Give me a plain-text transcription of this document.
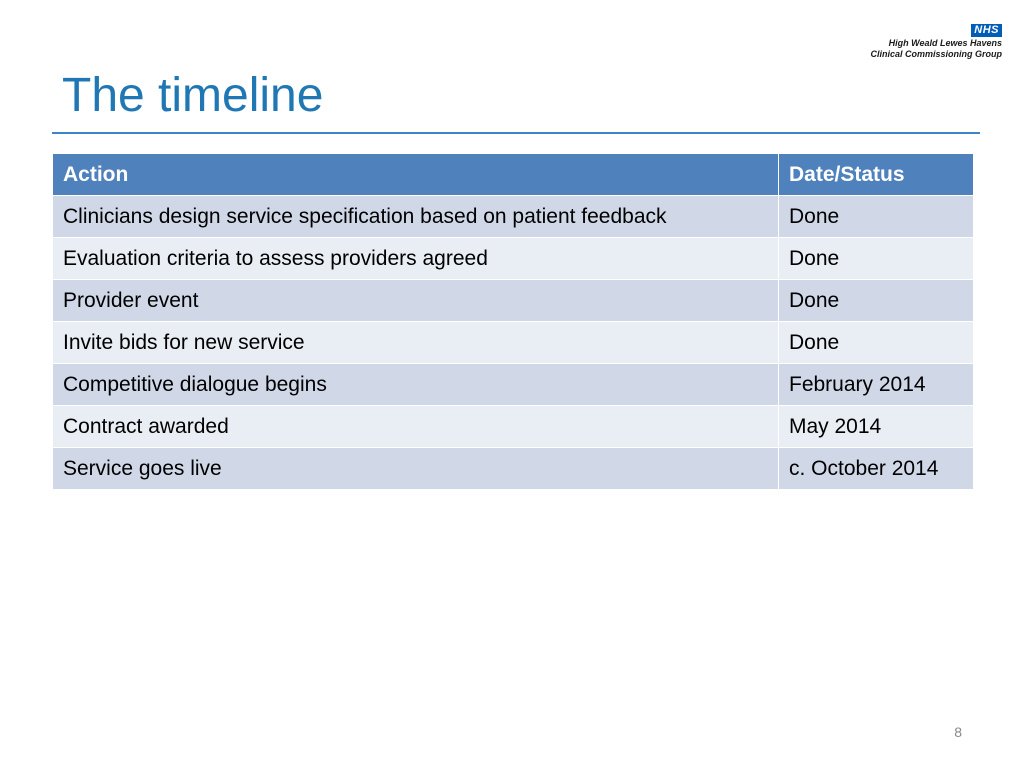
NHS
High Weald Lewes Havens
Clinical Commissioning Group
The timeline
Action	Date/Status
Clinicians design service specification based on patient feedback	Done
Evaluation criteria to assess providers agreed	Done
Provider event	Done
Invite bids for new service	Done
Competitive dialogue begins	February 2014
Contract awarded	May 2014
Service goes live	c. October 2014
8
